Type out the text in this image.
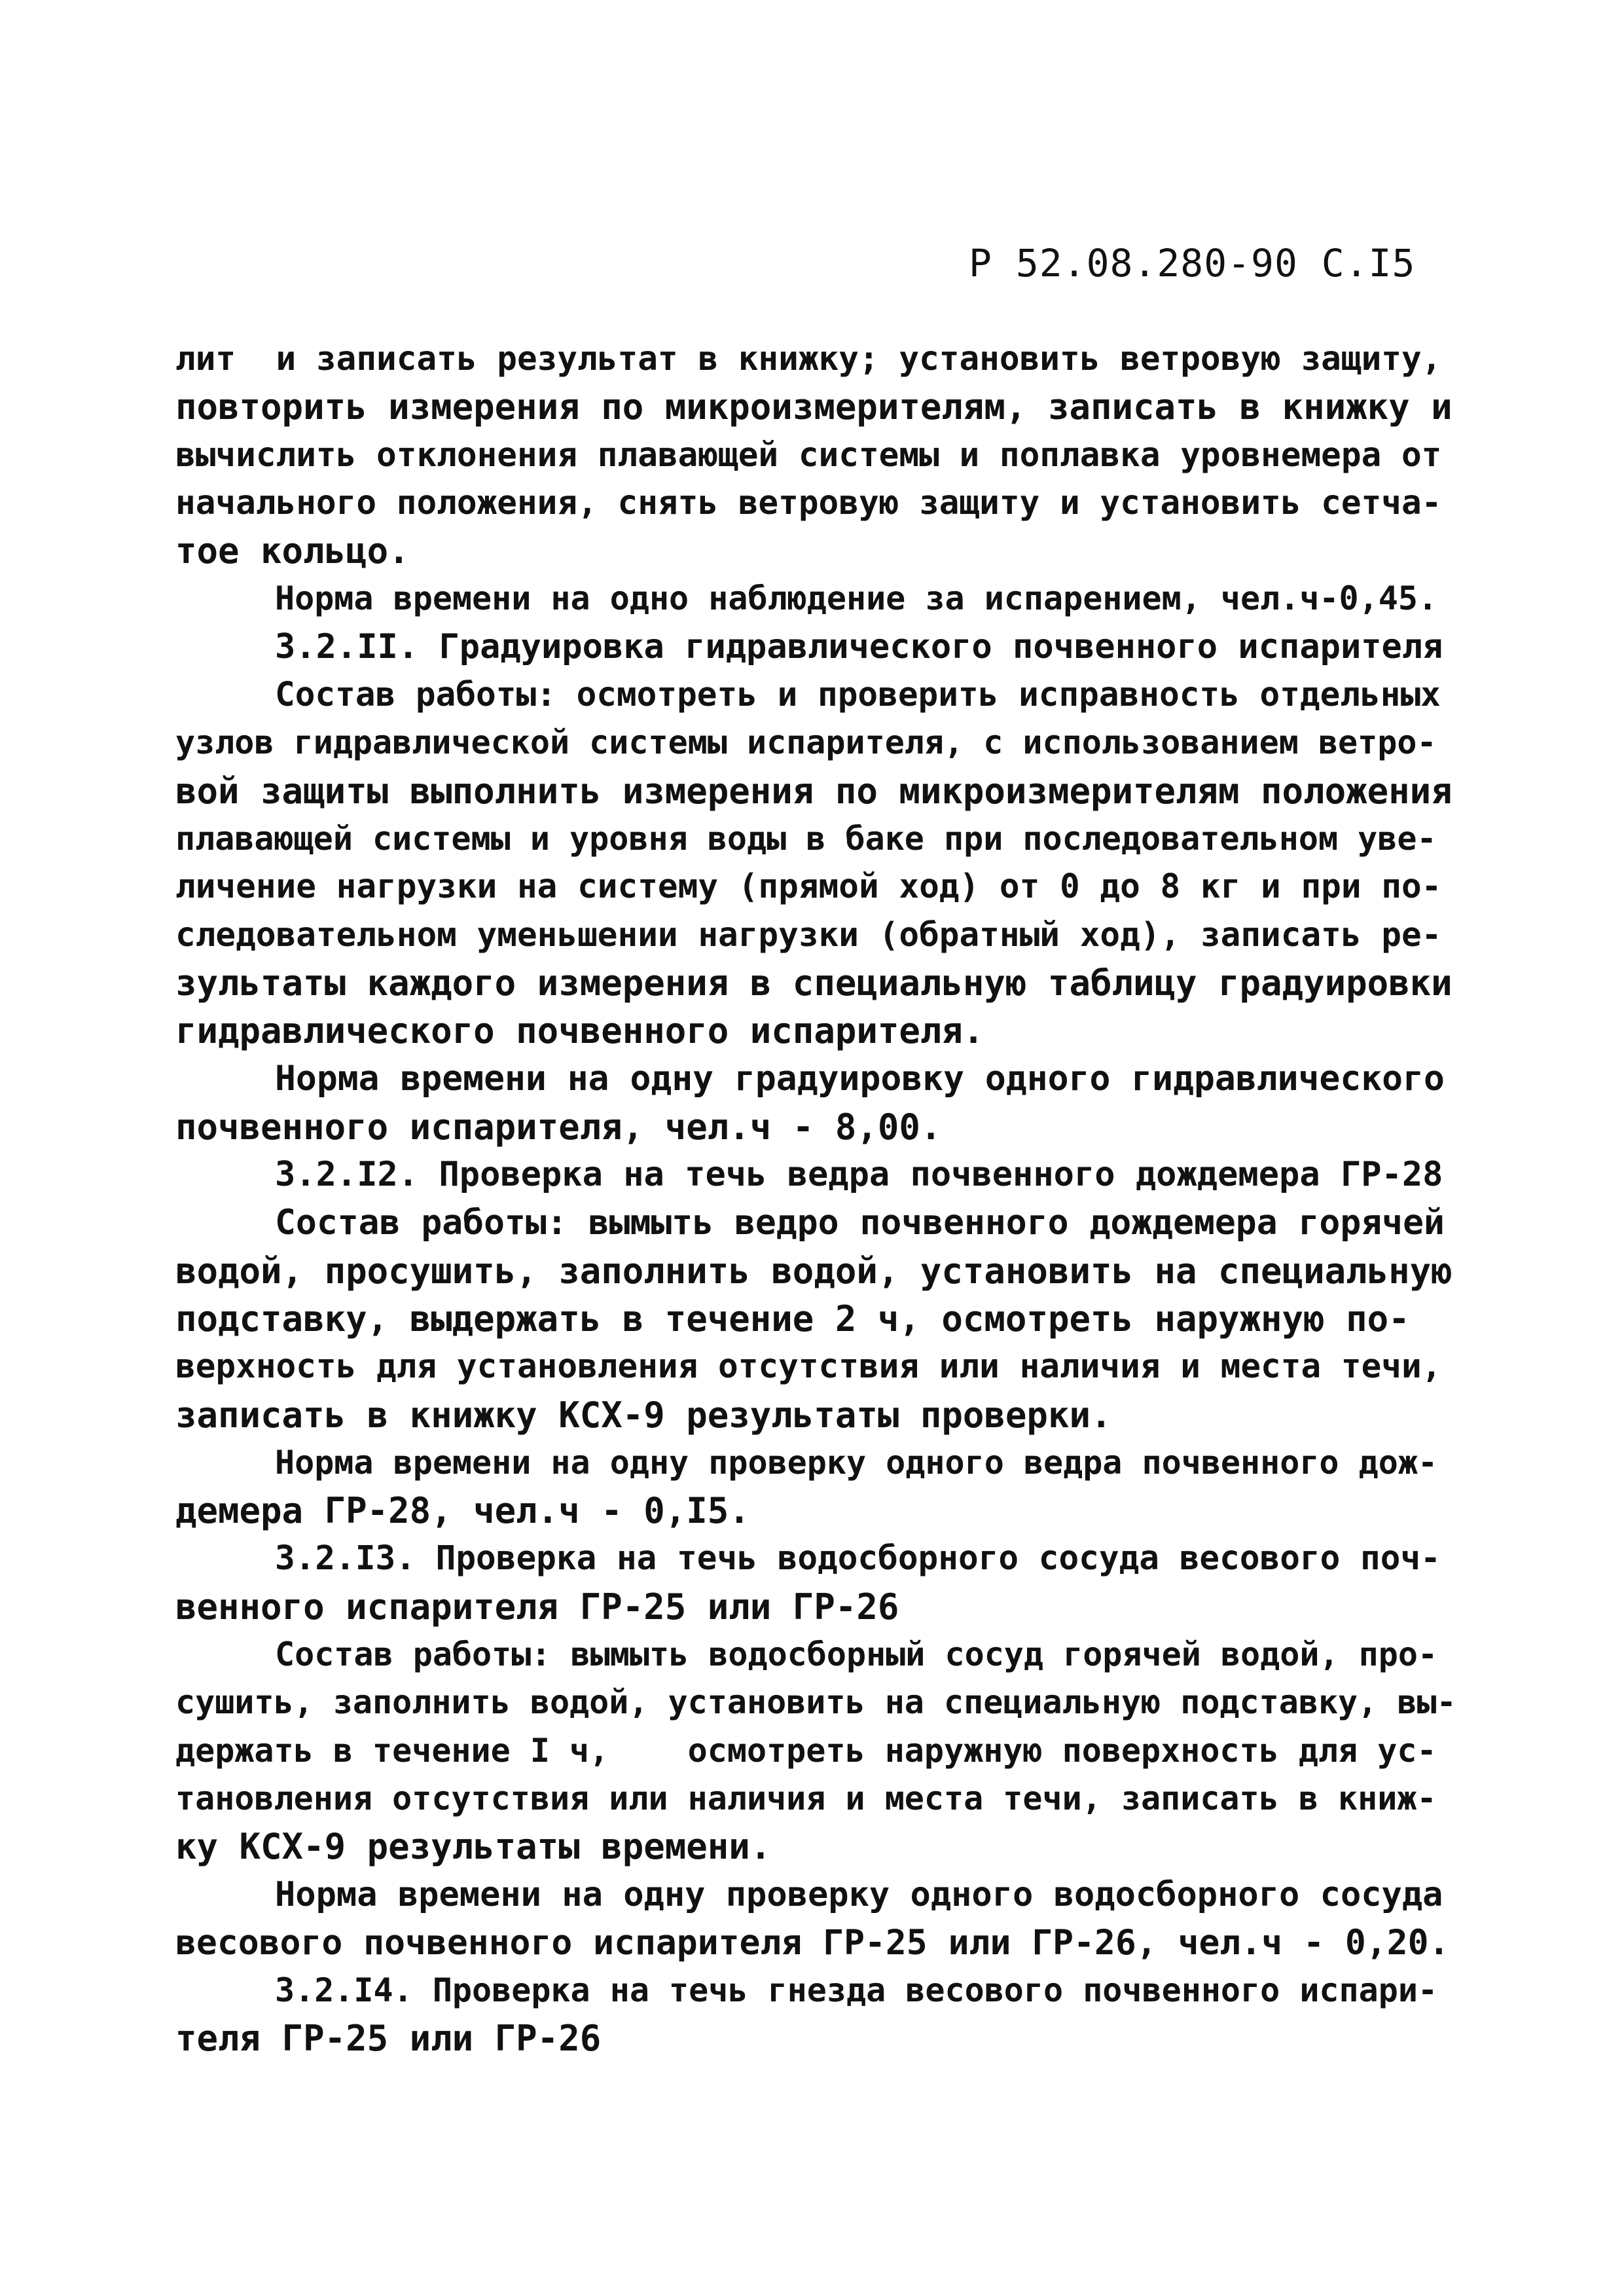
Р 52.08.280-90 С.I5
лит  и записать результат в книжку; установить ветровую защиту,
повторить измерения по микроизмерителям, записать в книжку и
вычислить отклонения плавающей системы и поплавка уровнемера от
начального положения, снять ветровую защиту и установить сетча-
тое кольцо.
Норма времени на одно наблюдение за испарением, чел.ч-0,45.
3.2.II. Градуировка гидравлического почвенного испарителя
Состав работы: осмотреть и проверить исправность отдельных
узлов гидравлической системы испарителя, с использованием ветро-
вой защиты выполнить измерения по микроизмерителям положения
плавающей системы и уровня воды в баке при последовательном уве-
личение нагрузки на систему (прямой ход) от 0 до 8 кг и при по-
следовательном уменьшении нагрузки (обратный ход), записать ре-
зультаты каждого измерения в специальную таблицу градуировки
гидравлического почвенного испарителя.
Норма времени на одну градуировку одного гидравлического
почвенного испарителя, чел.ч - 8,00.
3.2.I2. Проверка на течь ведра почвенного дождемера ГР-28
Состав работы: вымыть ведро почвенного дождемера горячей
водой, просушить, заполнить водой, установить на специальную
подставку, выдержать в течение 2 ч, осмотреть наружную по-
верхность для установления отсутствия или наличия и места течи,
записать в книжку КСХ-9 результаты проверки.
Норма времени на одну проверку одного ведра почвенного дож-
демера ГР-28, чел.ч - 0,I5.
3.2.I3. Проверка на течь водосборного сосуда весового поч-
венного испарителя ГР-25 или ГР-26
Состав работы: вымыть водосборный сосуд горячей водой, про-
сушить, заполнить водой, установить на специальную подставку, вы-
держать в течение I ч,    осмотреть наружную поверхность для ус-
тановления отсутствия или наличия и места течи, записать в книж-
ку КСХ-9 результаты времени.
Норма времени на одну проверку одного водосборного сосуда
весового почвенного испарителя ГР-25 или ГР-26, чел.ч - 0,20.
3.2.I4. Проверка на течь гнезда весового почвенного испари-
теля ГР-25 или ГР-26
